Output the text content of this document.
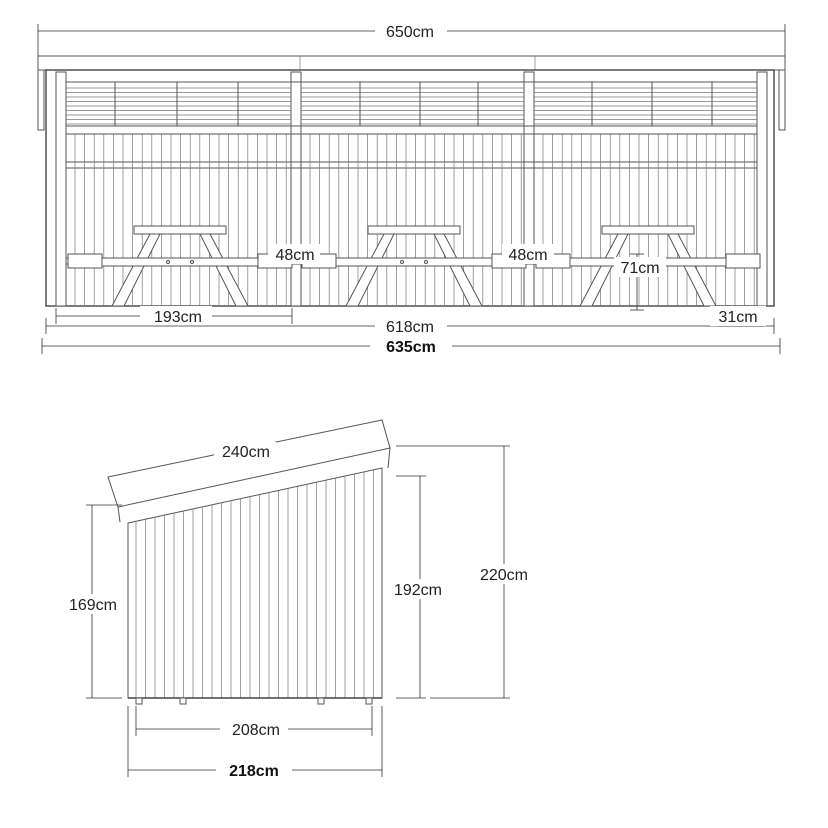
650cm
193cm
48cm	48cm
71cm
618cm
31cm
635cm
240cm
169cm
192cm
220cm
208cm
218cm
